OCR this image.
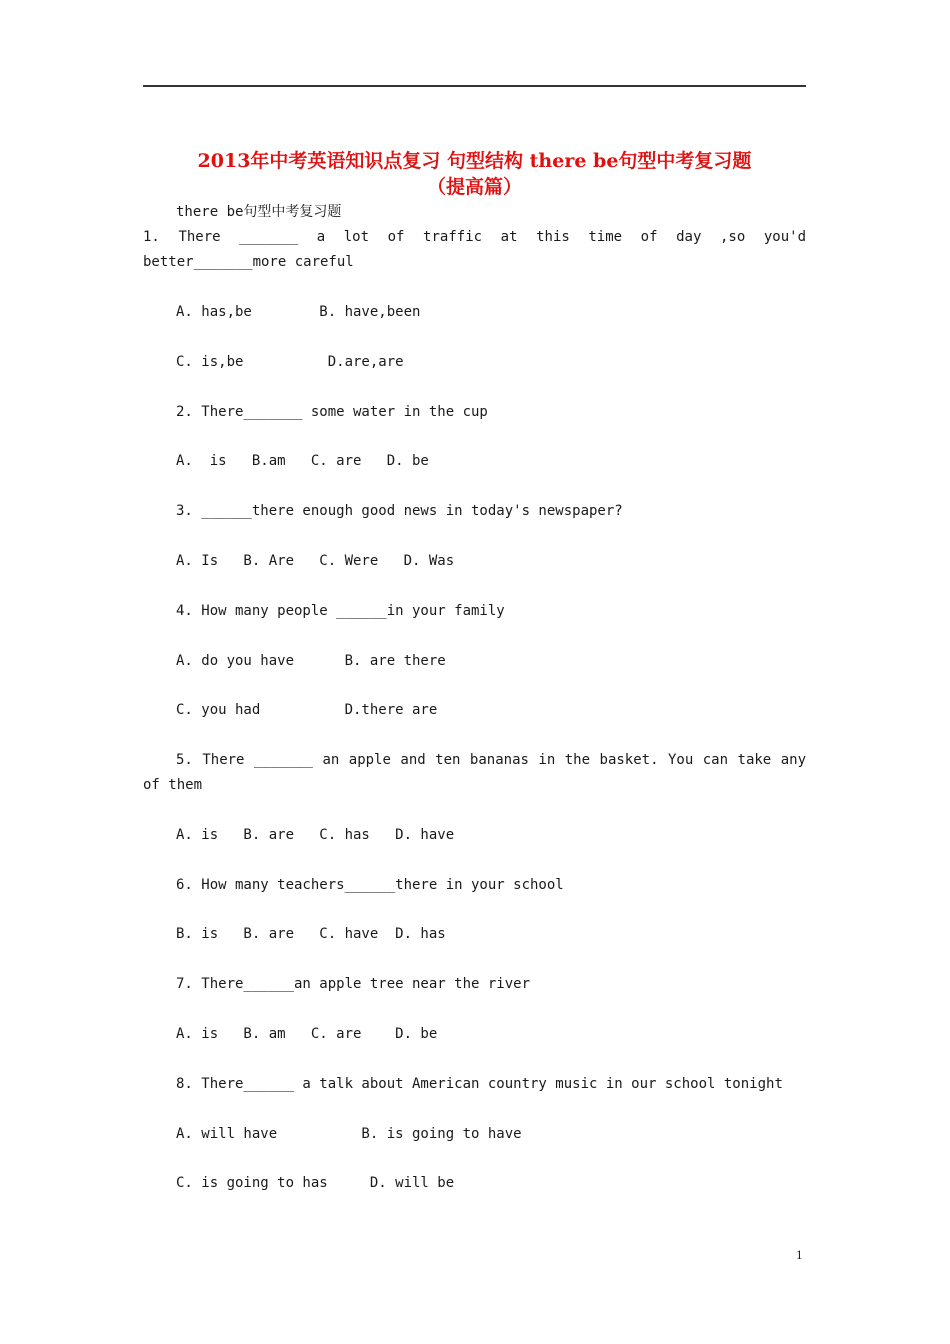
2013年中考英语知识点复习 句型结构 there be句型中考复习题
（提高篇）
there be句型中考复习题
1. There _______ a lot of traffic at this time of day ,so you'd
better_______more careful
A. has,be        B. have,been
C. is,be          D.are,are
2. There_______ some water in the cup
A.  is   B.am   C. are   D. be
3. ______there enough good news in today's newspaper?
A. Is   B. Are   C. Were   D. Was
4. How many people ______in your family
A. do you have      B. are there
C. you had          D.there are
5. There _______ an apple and ten bananas in the basket. You can take any
of them
A. is   B. are   C. has   D. have
6. How many teachers______there in your school
B. is   B. are   C. have  D. has
7. There______an apple tree near the river
A. is   B. am   C. are    D. be
8. There______ a talk about American country music in our school tonight
A. will have          B. is going to have
C. is going to has     D. will be
1
